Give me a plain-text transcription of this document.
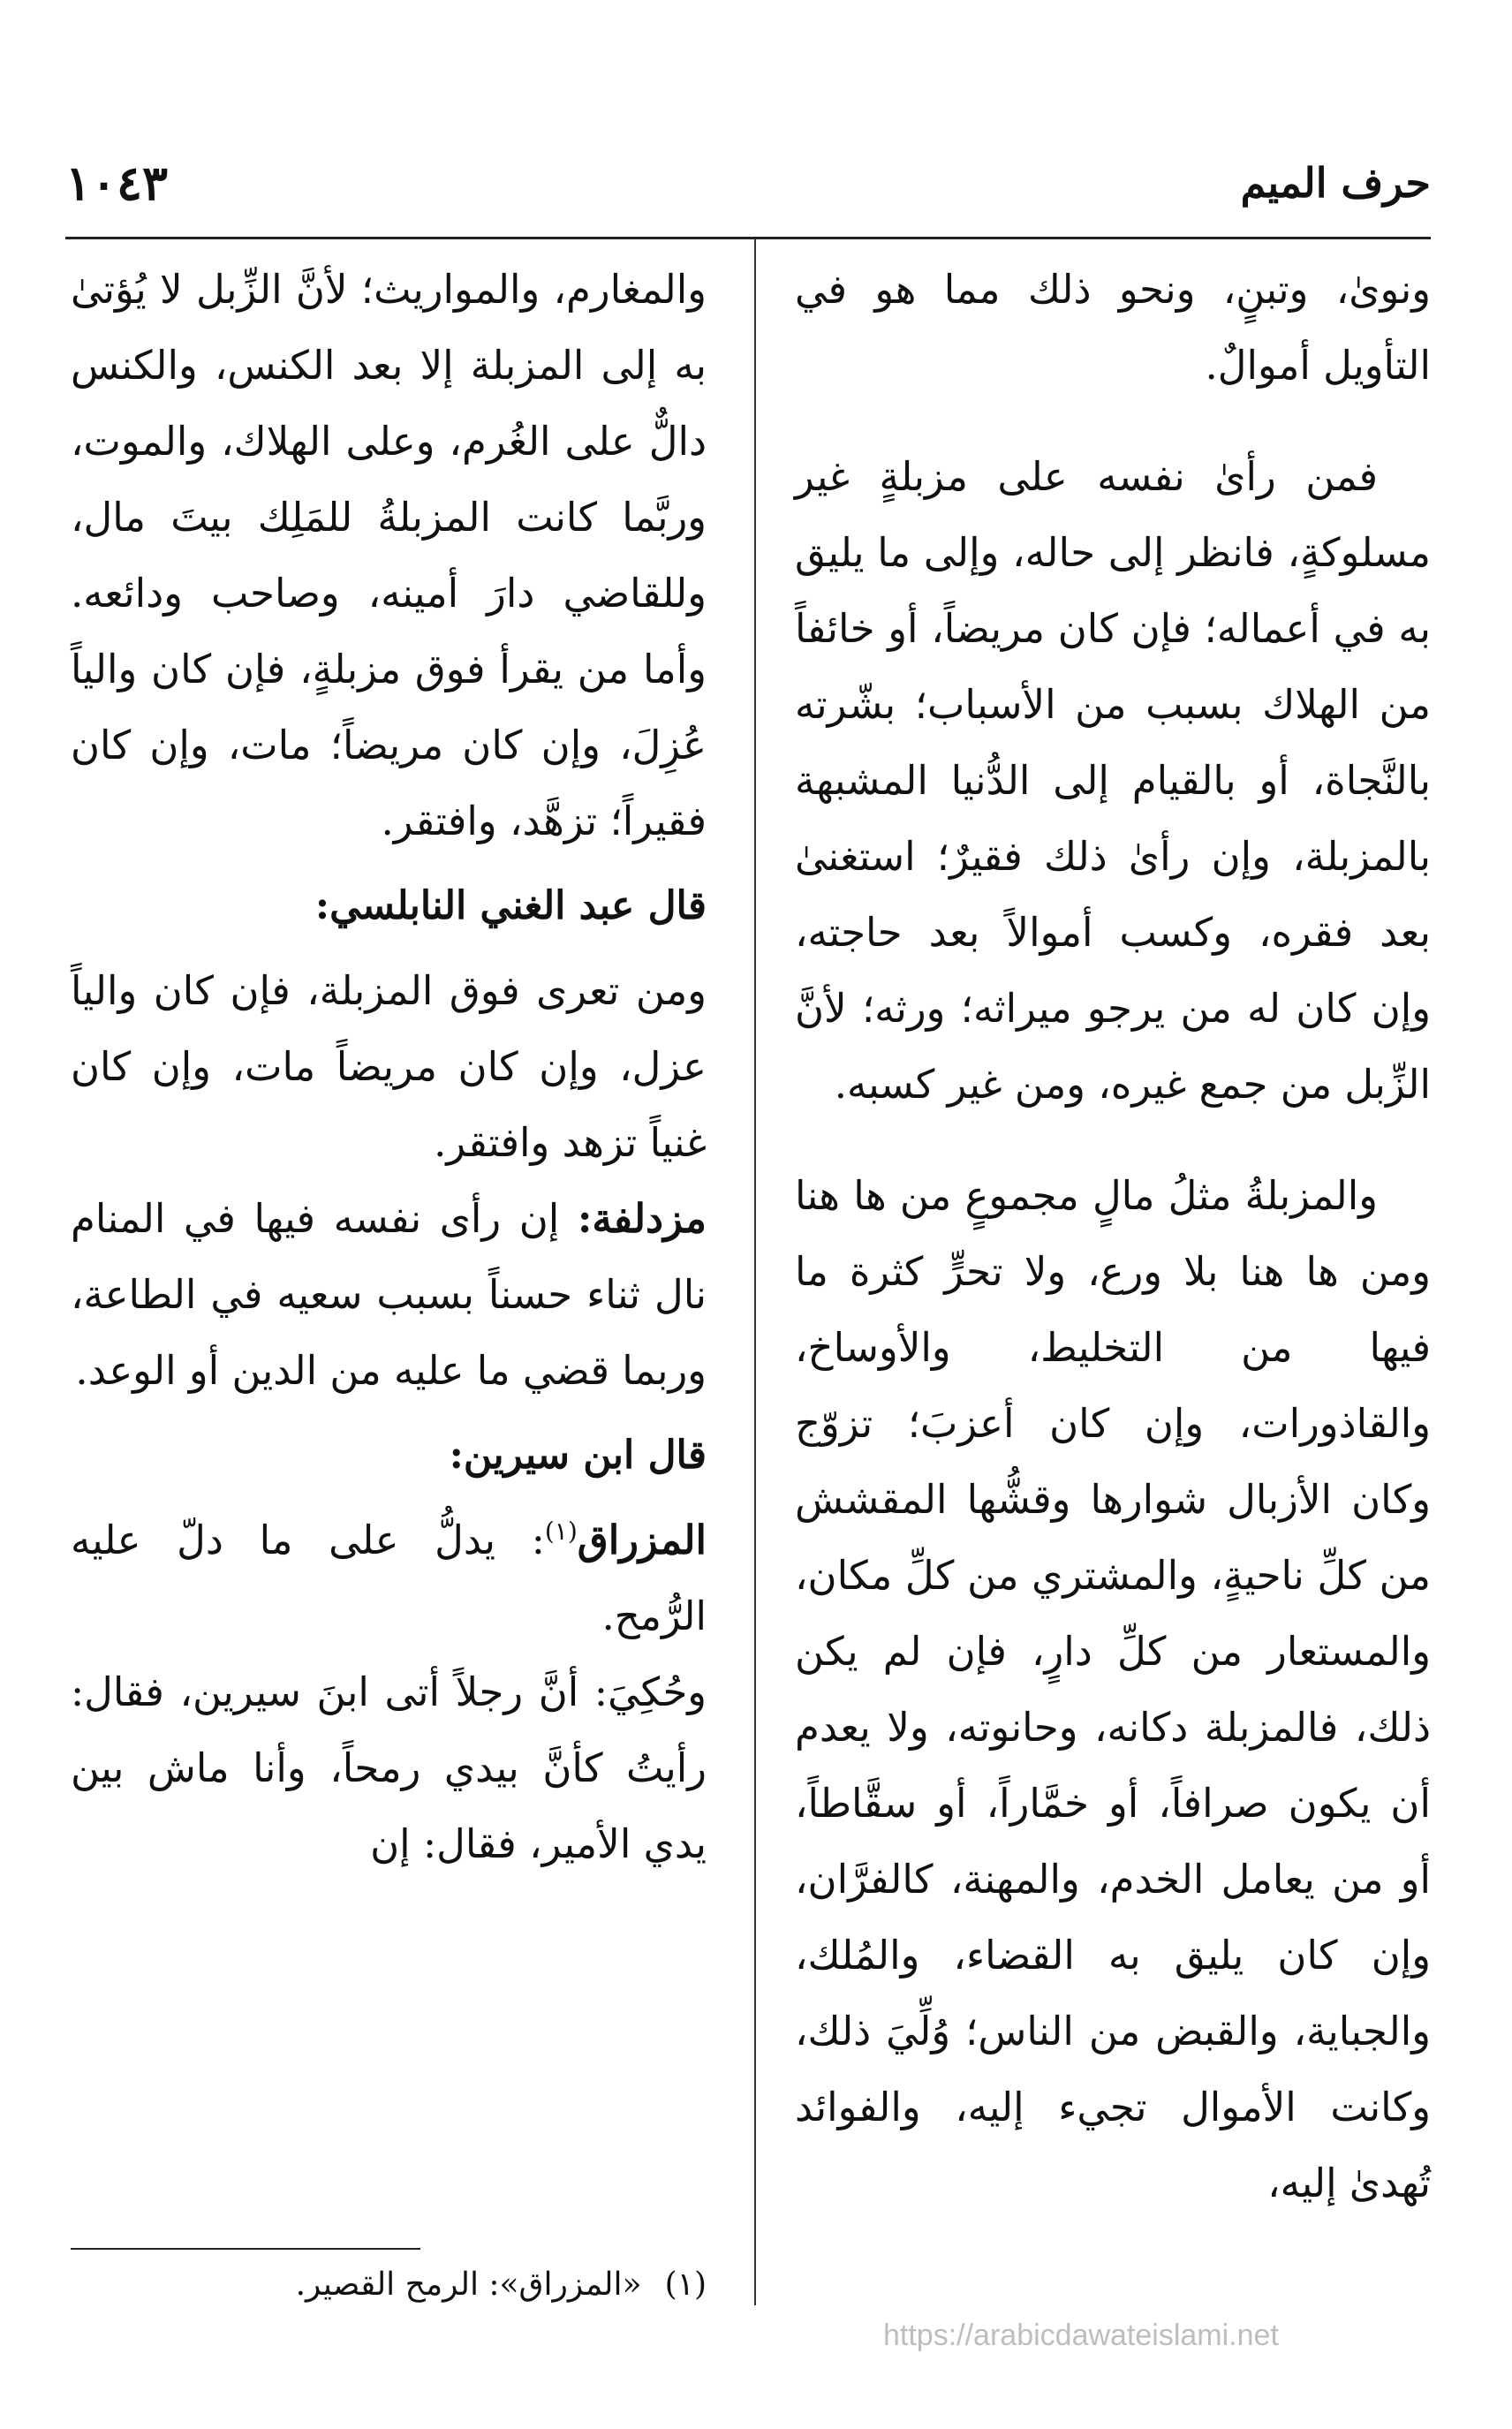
حرف الميم
١٠٤٣

ونوىٰ، وتبنٍ، ونحو ذلك مما هو في التأويل أموالٌ.

فمن رأىٰ نفسه على مزبلةٍ غير مسلوكةٍ، فانظر إلى حاله، وإلى ما يليق به في أعماله؛ فإن كان مريضاً، أو خائفاً من الهلاك بسبب من الأسباب؛ بشّرته بالنَّجاة، أو بالقيام إلى الدُّنيا المشبهة بالمزبلة، وإن رأىٰ ذلك فقيرٌ؛ استغنىٰ بعد فقره، وكسب أموالاً بعد حاجته، وإن كان له من يرجو ميراثه؛ ورثه؛ لأنَّ الزِّبل من جمع غيره، ومن غير كسبه.

والمزبلةُ مثلُ مالٍ مجموعٍ من ها هنا ومن ها هنا بلا ورع، ولا تحرٍّ كثرة ما فيها من التخليط، والأوساخ، والقاذورات، وإن كان أعزبَ؛ تزوّج وكان الأزبال شوارها وقشُّها المقشش من كلِّ ناحيةٍ، والمشتري من كلِّ مكان، والمستعار من كلِّ دارٍ، فإن لم يكن ذلك، فالمزبلة دكانه، وحانوته، ولا يعدم أن يكون صرافاً، أو خمَّاراً، أو سقَّاطاً، أو من يعامل الخدم، والمهنة، كالفرَّان، وإن كان يليق به القضاء، والمُلك، والجباية، والقبض من الناس؛ وُلِّيَ ذلك، وكانت الأموال تجيء إليه، والفوائد تُهدىٰ إليه،

والمغارم، والمواريث؛ لأنَّ الزِّبل لا يُؤتىٰ به إلى المزبلة إلا بعد الكنس، والكنس دالٌّ على الغُرم، وعلى الهلاك، والموت، وربَّما كانت المزبلةُ للمَلِك بيتَ مال، وللقاضي دارَ أمينه، وصاحب ودائعه. وأما من يقرأ فوق مزبلةٍ، فإن كان والياً عُزِلَ، وإن كان مريضاً؛ مات، وإن كان فقيراً؛ تزهَّد، وافتقر.

قال عبد الغني النابلسي:

ومن تعرى فوق المزبلة، فإن كان والياً عزل، وإن كان مريضاً مات، وإن كان غنياً تزهد وافتقر.

مزدلفة: إن رأى نفسه فيها في المنام نال ثناء حسناً بسبب سعيه في الطاعة، وربما قضي ما عليه من الدين أو الوعد.

قال ابن سيرين:

المزراق$^{(١)}$: يدلُّ على ما دلّ عليه الرُّمح.

وحُكِيَ: أنَّ رجلاً أتى ابنَ سيرين، فقال: رأيتُ كأنَّ بيدي رمحاً، وأنا ماش بين يدي الأمير، فقال: إن

(١)«المزراق»: الرمح القصير.
https://arabicdawateislami.net
